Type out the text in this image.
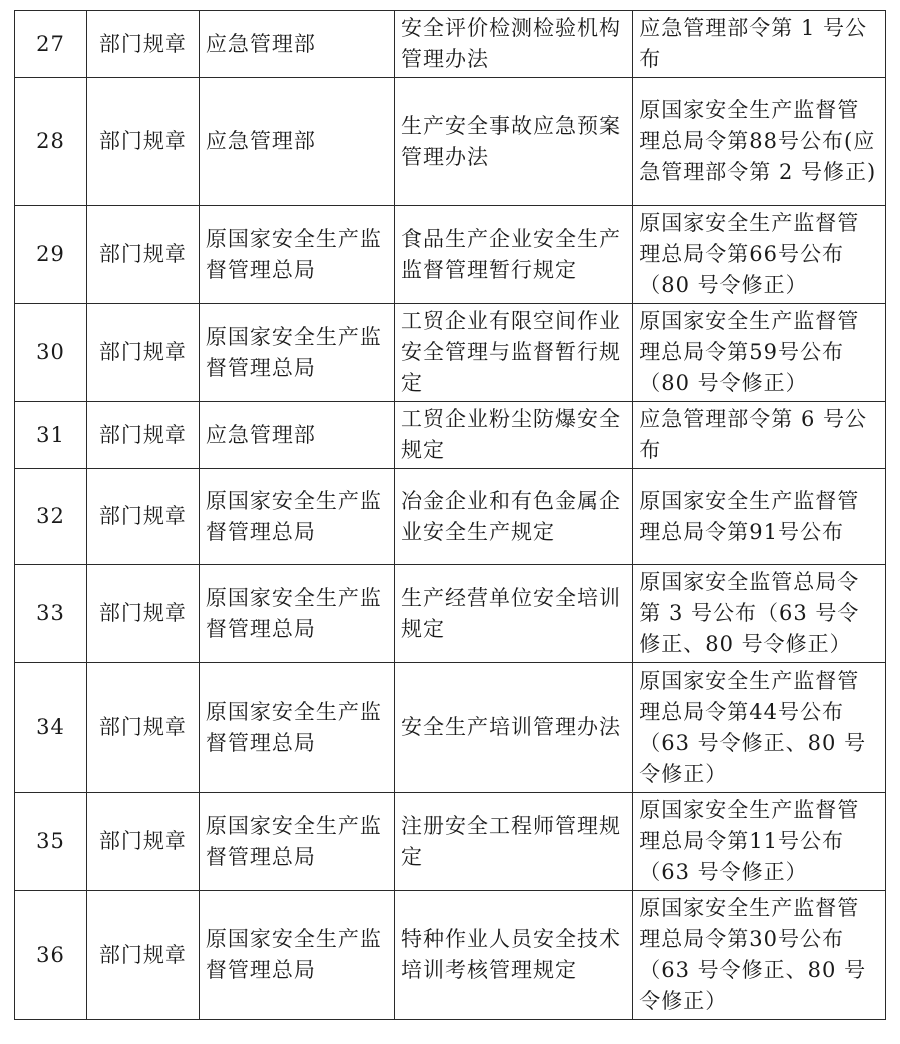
27	部门规章	应急管理部	安全评价检测检验机构管理办法	应急管理部令第 1 号公布
28	部门规章	应急管理部	生产安全事故应急预案管理办法	原国家安全生产监督管理总局令第88号公布(应急管理部令第 2 号修正)
29	部门规章	原国家安全生产监督管理总局	食品生产企业安全生产监督管理暂行规定	原国家安全生产监督管理总局令第66号公布（80 号令修正）
30	部门规章	原国家安全生产监督管理总局	工贸企业有限空间作业安全管理与监督暂行规定	原国家安全生产监督管理总局令第59号公布（80 号令修正）
31	部门规章	应急管理部	工贸企业粉尘防爆安全规定	应急管理部令第 6 号公布
32	部门规章	原国家安全生产监督管理总局	冶金企业和有色金属企业安全生产规定	原国家安全生产监督管理总局令第91号公布
33	部门规章	原国家安全生产监督管理总局	生产经营单位安全培训规定	原国家安全监管总局令第 3 号公布（63 号令修正、80 号令修正）
34	部门规章	原国家安全生产监督管理总局	安全生产培训管理办法	原国家安全生产监督管理总局令第44号公布（63 号令修正、80 号令修正）
35	部门规章	原国家安全生产监督管理总局	注册安全工程师管理规定	原国家安全生产监督管理总局令第11号公布（63 号令修正）
36	部门规章	原国家安全生产监督管理总局	特种作业人员安全技术培训考核管理规定	原国家安全生产监督管理总局令第30号公布（63 号令修正、80 号令修正）
